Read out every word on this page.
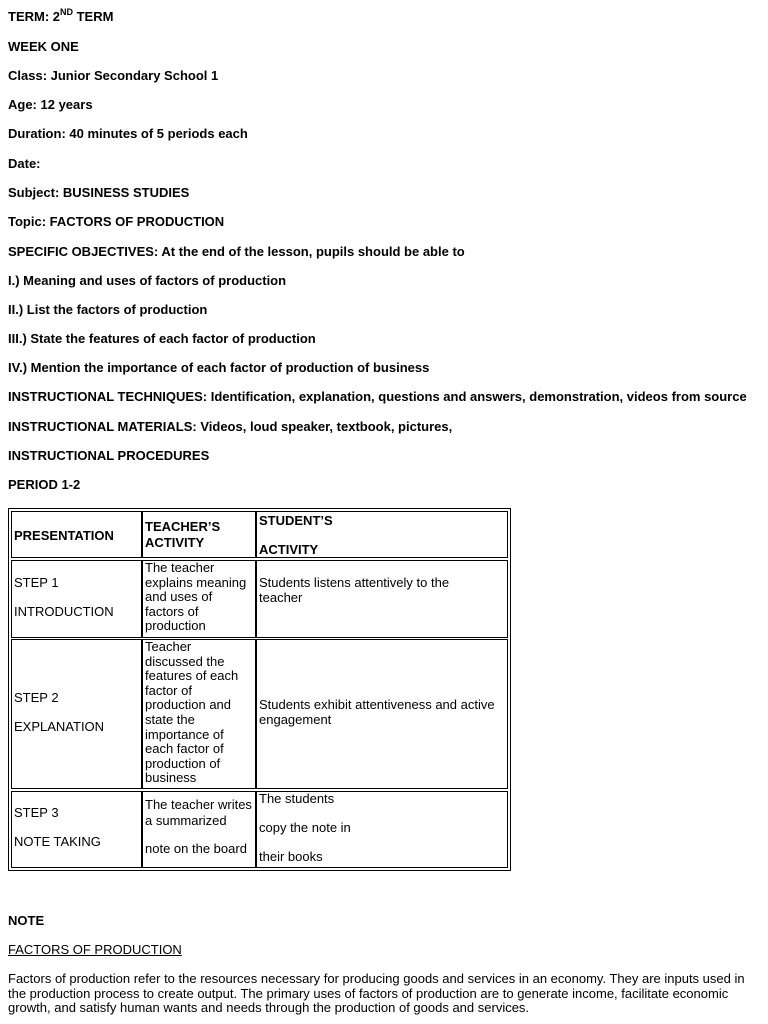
TERM: 2ND TERM
WEEK ONE
Class: Junior Secondary School 1
Age: 12 years
Duration: 40 minutes of 5 periods each
Date:
Subject: BUSINESS STUDIES
Topic: FACTORS OF PRODUCTION
SPECIFIC OBJECTIVES: At the end of the lesson, pupils should be able to
I.) Meaning and uses of factors of production
II.) List the factors of production
III.) State the features of each factor of production
IV.) Mention the importance of each factor of production of business
INSTRUCTIONAL TECHNIQUES: Identification, explanation, questions and answers, demonstration, videos from source
INSTRUCTIONAL MATERIALS: Videos, loud speaker, textbook, pictures,
INSTRUCTIONAL PROCEDURES
PERIOD 1-2
PRESENTATION
TEACHER’S
ACTIVITY
STUDENT’S
ACTIVITY
STEP 1
INTRODUCTION
The teacher
explains meaning
and uses of
factors of
production
Students listens attentively to the
teacher
STEP 2
EXPLANATION
Teacher
discussed the
features of each
factor of
production and
state the
importance of
each factor of
production of
business
Students exhibit attentiveness and active
engagement
STEP 3
NOTE TAKING
The teacher writes
a summarized
note on the board
The students
copy the note in
their books
NOTE
FACTORS OF PRODUCTION
Factors of production refer to the resources necessary for producing goods and services in an economy. They are inputs used in
the production process to create output. The primary uses of factors of production are to generate income, facilitate economic
growth, and satisfy human wants and needs through the production of goods and services.
